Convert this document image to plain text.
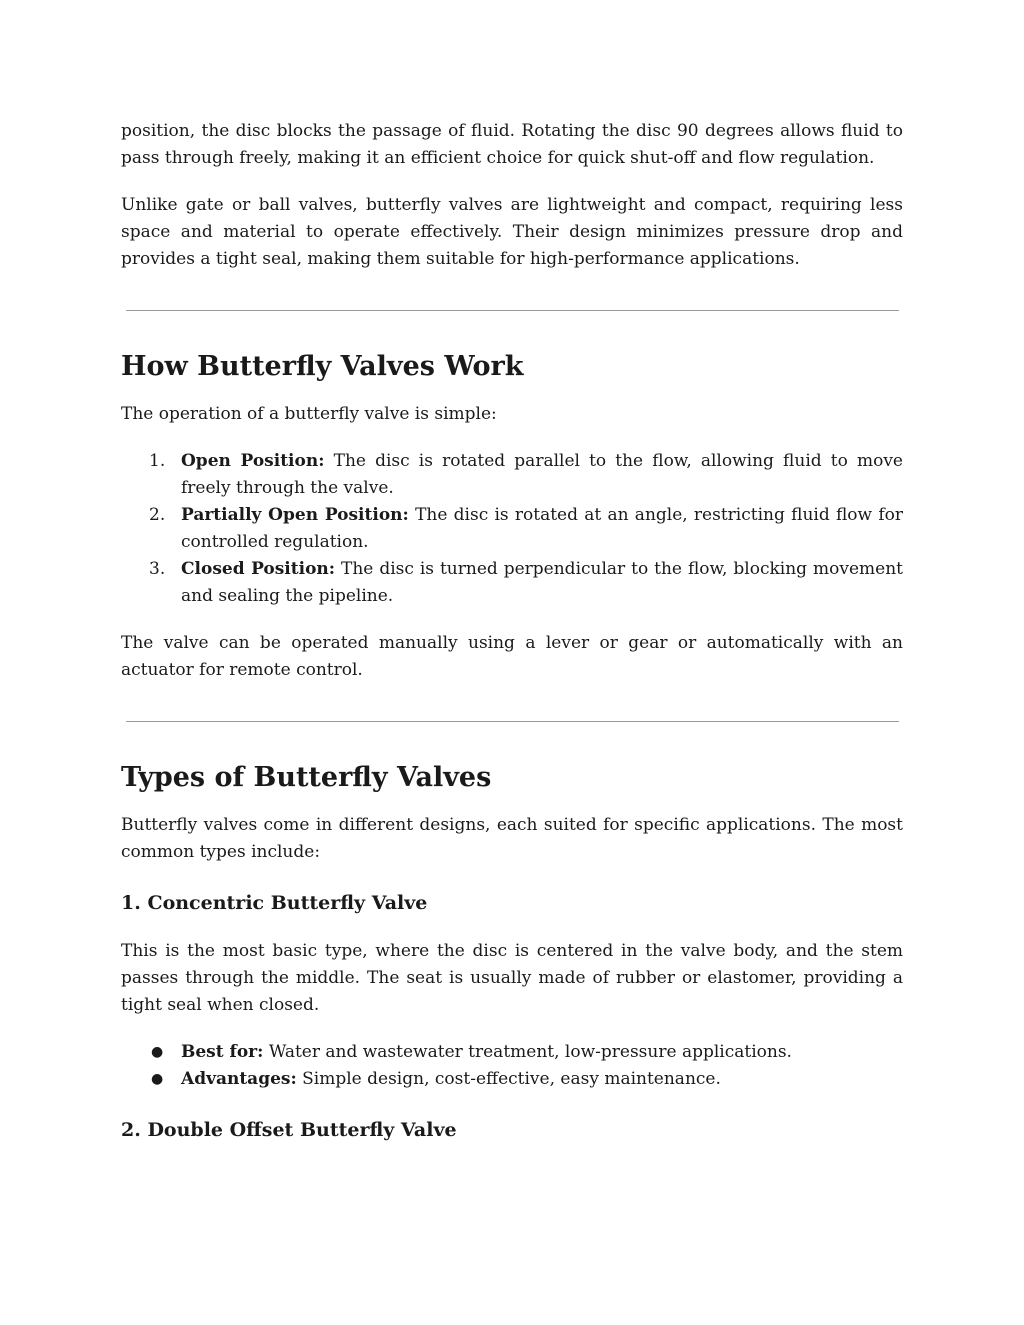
position, the disc blocks the passage of fluid. Rotating the disc 90 degrees allows fluid to pass through freely, making it an efficient choice for quick shut-off and flow regulation.

Unlike gate or ball valves, butterfly valves are lightweight and compact, requiring less space and material to operate effectively. Their design minimizes pressure drop and provides a tight seal, making them suitable for high-performance applications.

How Butterfly Valves Work

The operation of a butterfly valve is simple:

1. Open Position: The disc is rotated parallel to the flow, allowing fluid to move freely through the valve.
2. Partially Open Position: The disc is rotated at an angle, restricting fluid flow for controlled regulation.
3. Closed Position: The disc is turned perpendicular to the flow, blocking movement and sealing the pipeline.

The valve can be operated manually using a lever or gear or automatically with an actuator for remote control.

Types of Butterfly Valves

Butterfly valves come in different designs, each suited for specific applications. The most common types include:

1. Concentric Butterfly Valve

This is the most basic type, where the disc is centered in the valve body, and the stem passes through the middle. The seat is usually made of rubber or elastomer, providing a tight seal when closed.

● Best for: Water and wastewater treatment, low-pressure applications.
● Advantages: Simple design, cost-effective, easy maintenance.
2. Double Offset Butterfly Valve
